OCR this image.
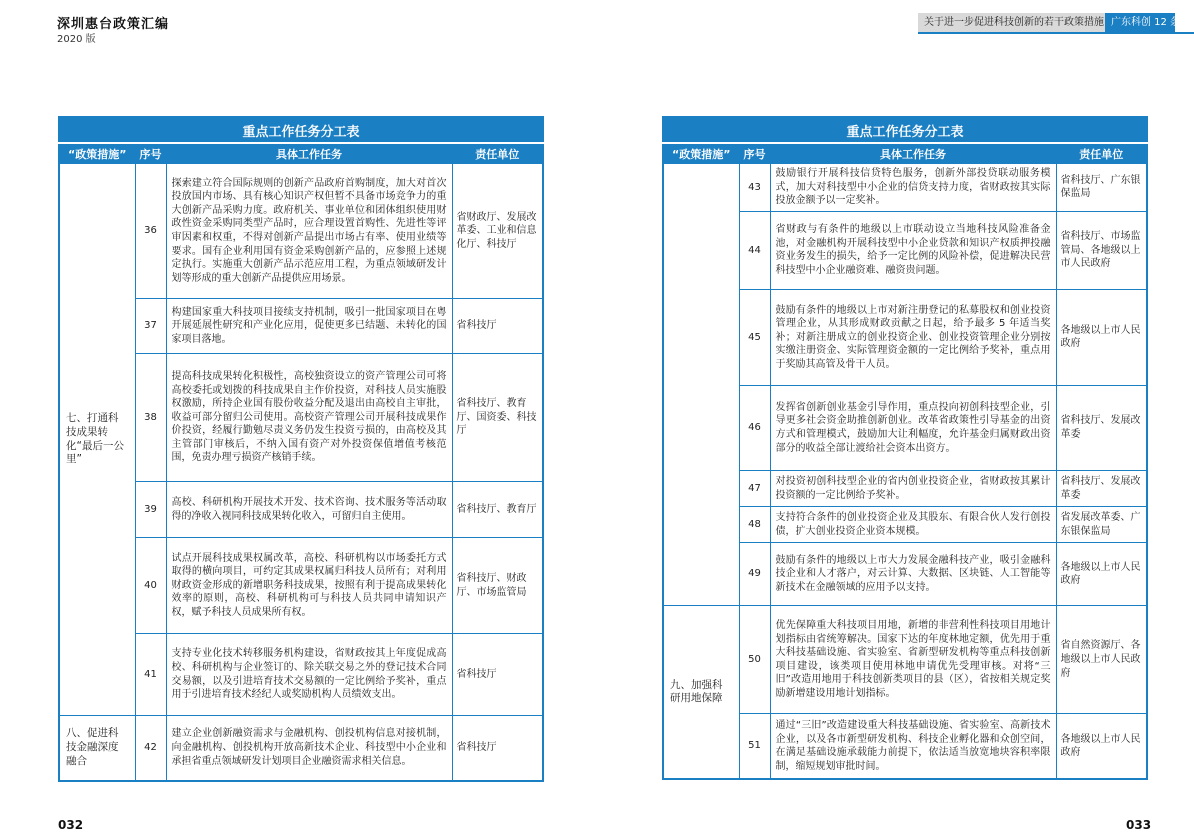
深圳惠台政策汇编
2020 版
关于进一步促进科技创新的若干政策措施 广东科创 12 条
重点工作任务分工表			
“政策措施”	序号	具体工作任务	责任单位
七、打通科技成果转化“最后一公里”	36	探索建立符合国际规则的创新产品政府首购制度，加大对首次投放国内市场、具有核心知识产权但暂不具备市场竞争力的重大创新产品采购力度。政府机关、事业单位和团体组织使用财政性资金采购同类型产品时，应合理设置首购性、先进性等评审因素和权重，不得对创新产品提出市场占有率、使用业绩等要求。国有企业利用国有资金采购创新产品的，应参照上述规定执行。实施重大创新产品示范应用工程，为重点领域研发计划等形成的重大创新产品提供应用场景。	省财政厅、发展改革委、工业和信息化厅、科技厅
	37	构建国家重大科技项目接续支持机制，吸引一批国家项目在粤开展延展性研究和产业化应用，促使更多已结题、未转化的国家项目落地。	省科技厅
	38	提高科技成果转化积极性，高校独资设立的资产管理公司可将高校委托或划拨的科技成果自主作价投资，对科技人员实施股权激励，所持企业国有股份收益分配及退出由高校自主审批，收益可部分留归公司使用。高校资产管理公司开展科技成果作价投资，经履行勤勉尽责义务仍发生投资亏损的，由高校及其主管部门审核后，不纳入国有资产对外投资保值增值考核范围，免责办理亏损资产核销手续。	省科技厅、教育厅、国资委、科技厅
	39	高校、科研机构开展技术开发、技术咨询、技术服务等活动取得的净收入视同科技成果转化收入，可留归自主使用。	省科技厅、教育厅
	40	试点开展科技成果权属改革，高校、科研机构以市场委托方式取得的横向项目，可约定其成果权属归科技人员所有；对利用财政资金形成的新增职务科技成果，按照有利于提高成果转化效率的原则，高校、科研机构可与科技人员共同申请知识产权，赋予科技人员成果所有权。	省科技厅、财政厅、市场监管局
	41	支持专业化技术转移服务机构建设，省财政按其上年度促成高校、科研机构与企业签订的、除关联交易之外的登记技术合同交易额，以及引进培育技术交易额的一定比例给予奖补，重点用于引进培育技术经纪人或奖励机构人员绩效支出。	省科技厅
八、促进科技金融深度融合	42	建立企业创新融资需求与金融机构、创投机构信息对接机制，向金融机构、创投机构开放高新技术企业、科技型中小企业和承担省重点领域研发计划项目企业融资需求相关信息。	省科技厅
重点工作任务分工表			
“政策措施”	序号	具体工作任务	责任单位
	43	鼓励银行开展科技信贷特色服务，创新外部投贷联动服务模式，加大对科技型中小企业的信贷支持力度，省财政按其实际投放金额予以一定奖补。	省科技厅、广东银保监局
	44	省财政与有条件的地级以上市联动设立当地科技风险准备金池，对金融机构开展科技型中小企业贷款和知识产权质押投融资业务发生的损失，给予一定比例的风险补偿，促进解决民营科技型中小企业融资难、融资贵问题。	省科技厅、市场监管局、各地级以上市人民政府
	45	鼓励有条件的地级以上市对新注册登记的私募股权和创业投资管理企业，从其形成财政贡献之日起，给予最多 5 年适当奖补；对新注册成立的创业投资企业、创业投资管理企业分别按实缴注册资金、实际管理资金额的一定比例给予奖补，重点用于奖励其高管及骨干人员。	各地级以上市人民政府
	46	发挥省创新创业基金引导作用，重点投向初创科技型企业，引导更多社会资金助推创新创业。改革省政策性引导基金的出资方式和管理模式，鼓励加大让利幅度，允许基金归属财政出资部分的收益全部让渡给社会资本出资方。	省科技厅、发展改革委
	47	对投资初创科技型企业的省内创业投资企业，省财政按其累计投资额的一定比例给予奖补。	省科技厅、发展改革委
	48	支持符合条件的创业投资企业及其股东、有限合伙人发行创投债，扩大创业投资企业资本规模。	省发展改革委、广东银保监局
	49	鼓励有条件的地级以上市大力发展金融科技产业，吸引金融科技企业和人才落户，对云计算、大数据、区块链、人工智能等新技术在金融领域的应用予以支持。	各地级以上市人民政府
九、加强科研用地保障	50	优先保障重大科技项目用地，新增的非营利性科技项目用地计划指标由省统筹解决。国家下达的年度林地定额，优先用于重大科技基础设施、省实验室、省新型研发机构等重点科技创新项目建设，该类项目使用林地申请优先受理审核。对将“三旧”改造用地用于科技创新类项目的县（区），省按相关规定奖励新增建设用地计划指标。	省自然资源厅、各地级以上市人民政府
	51	通过“三旧”改造建设重大科技基础设施、省实验室、高新技术企业，以及各市新型研发机构、科技企业孵化器和众创空间，在满足基础设施承载能力前提下，依法适当放宽地块容积率限制，缩短规划审批时间。	各地级以上市人民政府
032	033
